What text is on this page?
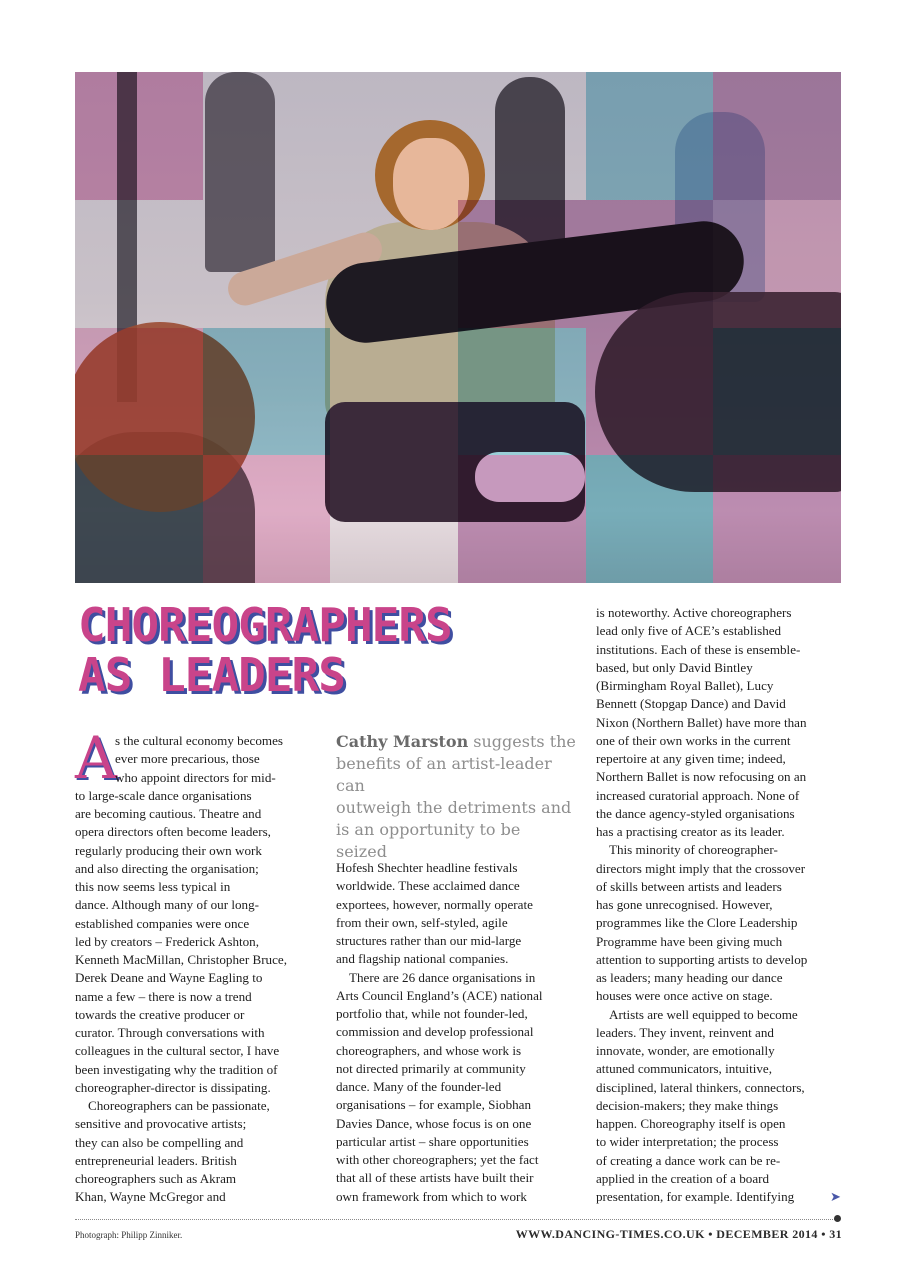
CHOREOGRAPHERS
AS LEADERS
Cathy Marston suggests the
benefits of an artist-leader can
outweigh the detriments and
is an opportunity to be seized
A

s the cultural economy becomes

ever more precarious, those

who appoint directors for mid-

to large-scale dance organisations

are becoming cautious. Theatre and

opera directors often become leaders,

regularly producing their own work

and also directing the organisation;

this now seems less typical in

dance. Although many of our long-

established companies were once

led by creators – Frederick Ashton,

Kenneth MacMillan, Christopher Bruce,

Derek Deane and Wayne Eagling to

name a few – there is now a trend

towards the creative producer or

curator. Through conversations with

colleagues in the cultural sector, I have

been investigating why the tradition of

choreographer-director is dissipating.

Choreographers can be passionate,

sensitive and provocative artists;

they can also be compelling and

entrepreneurial leaders. British

choreographers such as Akram

Khan, Wayne McGregor and

Hofesh Shechter headline festivals

worldwide. These acclaimed dance

exportees, however, normally operate

from their own, self-styled, agile

structures rather than our mid-large

and flagship national companies.

There are 26 dance organisations in

Arts Council England’s (ACE) national

portfolio that, while not founder-led,

commission and develop professional

choreographers, and whose work is

not directed primarily at community

dance. Many of the founder-led

organisations – for example, Siobhan

Davies Dance, whose focus is on one

particular artist – share opportunities

with other choreographers; yet the fact

that all of these artists have built their

own framework from which to work

is noteworthy. Active choreographers

lead only five of ACE’s established

institutions. Each of these is ensemble-

based, but only David Bintley

(Birmingham Royal Ballet), Lucy

Bennett (Stopgap Dance) and David

Nixon (Northern Ballet) have more than

one of their own works in the current

repertoire at any given time; indeed,

Northern Ballet is now refocusing on an

increased curatorial approach. None of

the dance agency-styled organisations

has a practising creator as its leader.

This minority of choreographer-

directors might imply that the crossover

of skills between artists and leaders

has gone unrecognised. However,

programmes like the Clore Leadership

Programme have been giving much

attention to supporting artists to develop

as leaders; many heading our dance

houses were once active on stage.

Artists are well equipped to become

leaders. They invent, reinvent and

innovate, wonder, are emotionally

attuned communicators, intuitive,

disciplined, lateral thinkers, connectors,

decision-makers; they make things

happen. Choreography itself is open

to wider interpretation; the process

of creating a dance work can be re-

applied in the creation of a board

presentation, for example. Identifying	➤
Photograph: Philipp Zinniker.	WWW.DANCING-TIMES.CO.UK • DECEMBER 2014 • 31
